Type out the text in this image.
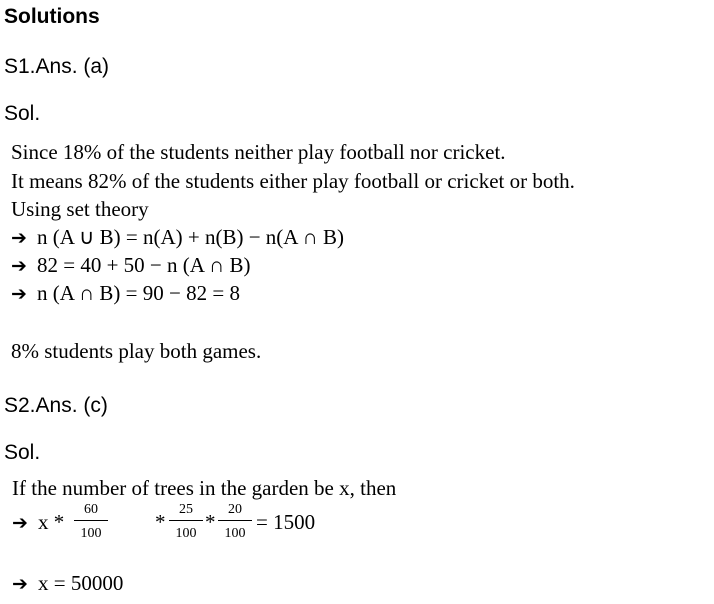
Solutions
S1.Ans. (a)
Sol.
Since 18% of the students neither play football nor cricket.
It means 82% of the students either play football or cricket or both.
Using set theory
➔ n (A ∪ B) = n(A) + n(B) − n(A ∩ B)
➔ 82 = 40 + 50 − n (A ∩ B)
➔ n (A ∩ B) = 90 − 82 = 8
8% students play both games.
S2.Ans. (c)
Sol.
If the number of trees in the garden be x, then
➔ $x * \frac{60}{100} * \frac{25}{100} * \frac{20}{100} = 1500$
➔ x = 50000
